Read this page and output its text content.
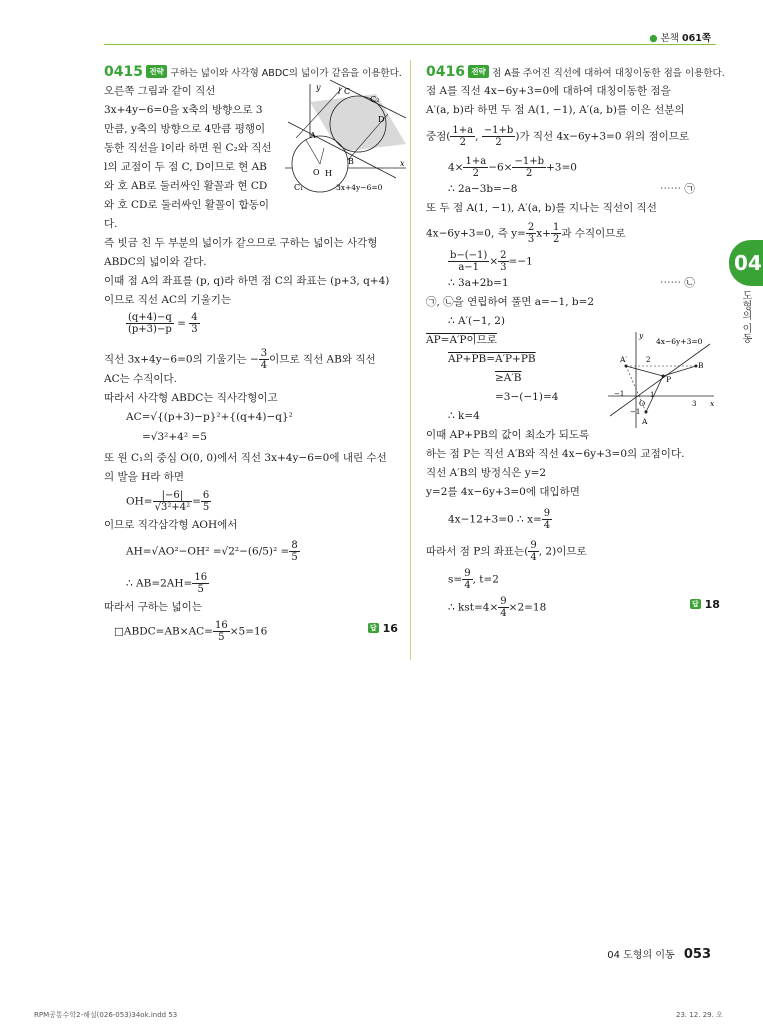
● 본책 061쪽
04
도형의 이동
0415 전략 구하는 넓이와 사각형 ABDC의 넓이가 같음을 이용한다.
오른쪽 그림과 같이 직선
3x+4y−6=0을 x축의 방향으로 3
만큼, y축의 방향으로 4만큼 평행이
동한 직선을 l이라 하면 원 C₂와 직선
l의 교점이 두 점 C, D이므로 현 AB
와 호 AB로 둘러싸인 활꼴과 현 CD
와 호 CD로 둘러싸인 활꼴이 합동이
다.
즉 빗금 친 두 부분의 넓이가 같으므로 구하는 넓이는 사각형
ABDC의 넓이와 같다.
이때 점 A의 좌표를 (p, q)라 하면 점 C의 좌표는 (p+3, q+4)
이므로 직선 AC의 기울기는
y
x
O H
A
B
C
D
l
C₁
C₂
3x+4y−6=0
$\frac{(q+4)-q}{(p+3)-p} = \frac{4}{3}$
직선 3x+4y−6=0의 기울기는 − $\frac{3}{4}$ 이므로 직선 AB와 직선
AC는 수직이다.
따라서 사각형 ABDC는 직사각형이고
AC=√{(p+3)−p}²+{(q+4)−q}²
=√3²+4² =5
또 원 C₁의 중심 O(0, 0)에서 직선 3x+4y−6=0에 내린 수선
의 발을 H라 하면
$OH= \frac{|-6|}{\text{√3²+4²}} = \frac{6}{5}$
이므로 직각삼각형 AOH에서
$AH=√AO^2-OH^2 =√2^2-(6/5)^2 = \frac{8}{5}$
∴ $AB=2AH= \frac{16}{5}$
따라서 구하는 넓이는
□ABDC=AB×AC= $\frac{16}{5} \times 5=16$	답 16
0416 전략 점 A를 주어진 직선에 대하여 대칭이동한 점을 이용한다.
점 A를 직선 4x−6y+3=0에 대하여 대칭이동한 점을
A′(a, b)라 하면 두 점 A(1, −1), A′(a, b)를 이은 선분의
중점( $\frac{1+a}{2}$ , $\frac{-1+b}{2}$ )가 직선 4x−6y+3=0 위의 점이므로
$4\times \frac{1+a}{2} -6\times \frac{-1+b}{2} +3=0$
∴ 2a−3b=−8	⋯⋯ ㉠
또 두 점 A(1, −1), A′(a, b)를 지나는 직선이 직선
4x−6y+3=0, 즉 $y= \frac{2}{3} x+ \frac{1}{2}$ 과 수직이므로
$\frac{b-(-1)}{a-1} \times \frac{2}{3} =-1$
∴ 3a+2b=1	⋯⋯ ㉡
㉠, ㉡을 연립하여 풀면 a=−1, b=2
∴ A′(−1, 2)
AP=A′P이므로
AP+PB=A′P+PB
≥A′B
=3−(−1)=4
∴ k=4
이때 AP+PB의 값이 최소가 되도록
하는 점 P는 직선 A′B와 직선 4x−6y+3=0의 교점이다.
직선 A′B의 방정식은 y=2
y=2를 4x−6y+3=0에 대입하면
4x−12+3=0 ∴ $x= \frac{9}{4}$
따라서 점 P의 좌표는( $\frac{9}{4}$ , 2)이므로
$s= \frac{9}{4}$ , t=2
∴ $kst=4\times \frac{9}{4} \times 2=18$	답 18
y
x
O
A′
A
B
P
2
1
−1
−1
3
4x−6y+3=0
04 도형의 이동 053
RPM공통수학2-해설(026-053)34ok.indd 53	23. 12. 29. 오
